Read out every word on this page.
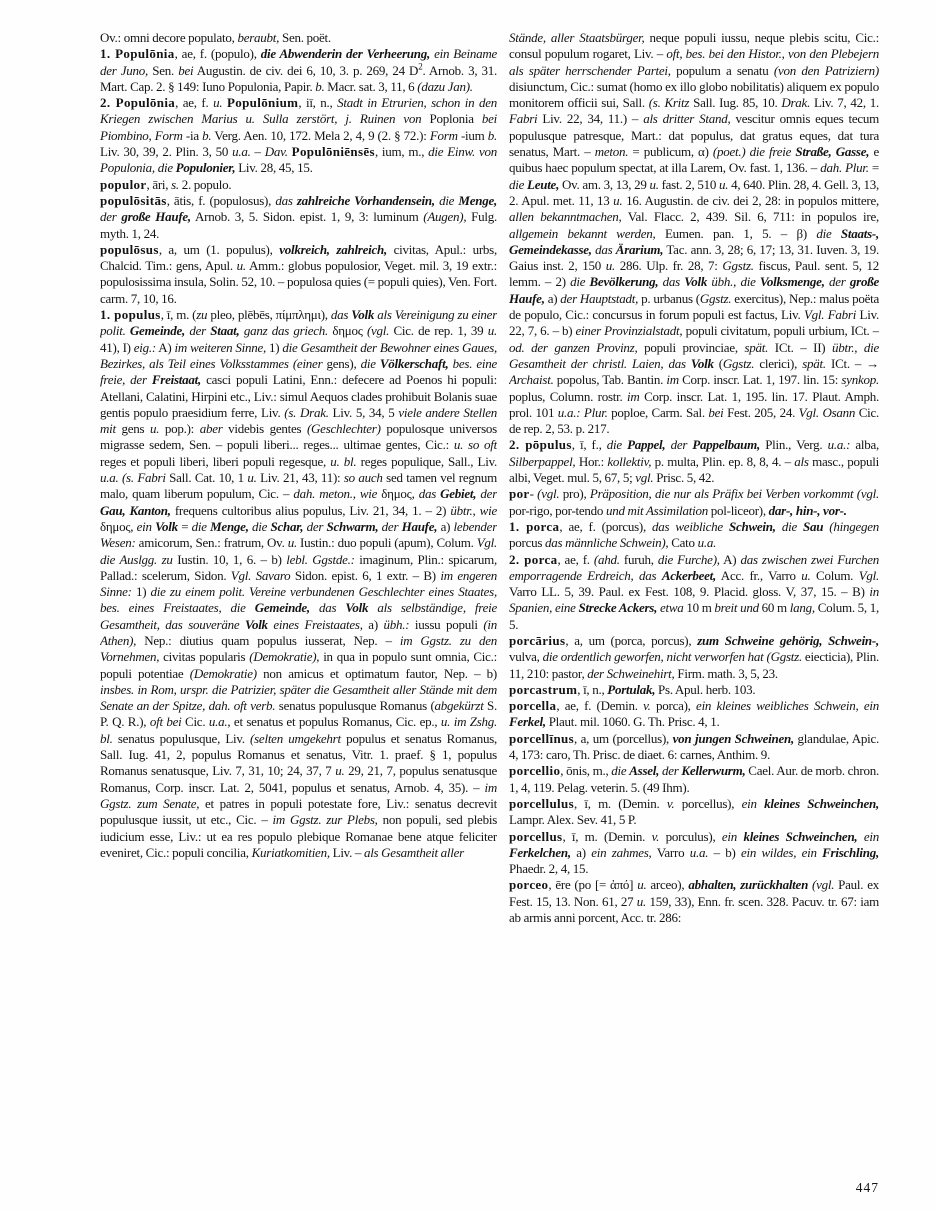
Ov.: omni decore populato, beraubt, Sen. poët.

1. Populōnia, ae, f. (populo), die Abwenderin der Verheerung, ein Beiname der Juno, Sen. bei Augustin. de civ. dei 6, 10, 3. p. 269, 24 $D^2$. Arnob. 3, 31. Mart. Cap. 2. § 149: Iuno Populonia, Papir. b. Macr. sat. 3, 11, 6 (dazu Jan).

2. Populōnia, ae, f. u. Populōnium, iī, n., Stadt in Etrurien, schon in den Kriegen zwischen Marius u. Sulla zerstört, j. Ruinen von Poplonia bei Piombino, Form -ia b. Verg. Aen. 10, 172. Mela 2, 4, 9 (2. § 72.): Form -ium b. Liv. 30, 39, 2. Plin. 3, 50 u.a. – Dav. Populōniēnsēs, ium, m., die Einw. von Populonia, die Populonier, Liv. 28, 45, 15.

populor, āri, s. 2. populo.

populōsitās, ātis, f. (populosus), das zahlreiche Vorhandensein, die Menge, der große Haufe, Arnob. 3, 5. Sidon. epist. 1, 9, 3: luminum (Augen), Fulg. myth. 1, 24.

populōsus, a, um (1. populus), volkreich, zahlreich, civitas, Apul.: urbs, Chalcid. Tim.: gens, Apul. u. Amm.: globus populosior, Veget. mil. 3, 19 extr.: populosissima insula, Solin. 52, 10. – populosa quies (= populi quies), Ven. Fort. carm. 7, 10, 16.

1. populus, ī, m. (zu pleo, plēbēs, πίμπλημι), das Volk als Vereinigung zu einer polit. Gemeinde, der Staat, ganz das griech. δημος (vgl. Cic. de rep. 1, 39 u. 41), I) eig.: A) im weiteren Sinne, 1) die Gesamtheit der Bewohner eines Gaues, Bezirkes, als Teil eines Volksstammes (einer gens), die Völkerschaft, bes. eine freie, der Freistaat, casci populi Latini, Enn.: defecere ad Poenos hi populi: Atellani, Calatini, Hirpini etc., Liv.: simul Aequos clades prohibuit Bolanis suae gentis populo praesidium ferre, Liv. (s. Drak. Liv. 5, 34, 5 viele andere Stellen mit gens u. pop.): aber videbis gentes (Geschlechter) populosque universos migrasse sedem, Sen. – populi liberi... reges... ultimae gentes, Cic.: u. so oft reges et populi liberi, liberi populi regesque, u. bl. reges populique, Sall., Liv. u.a. (s. Fabri Sall. Cat. 10, 1 u. Liv. 21, 43, 11): so auch sed tamen vel regnum malo, quam liberum populum, Cic. – dah. meton., wie δημος, das Gebiet, der Gau, Kanton, frequens cultoribus alius populus, Liv. 21, 34, 1. – 2) übtr., wie δημος, ein Volk = die Menge, die Schar, der Schwarm, der Haufe, a) lebender Wesen: amicorum, Sen.: fratrum, Ov. u. Iustin.: duo populi (apum), Colum. Vgl. die Auslgg. zu Iustin. 10, 1, 6. – b) lebl. Ggstde.: imaginum, Plin.: spicarum, Pallad.: scelerum, Sidon. Vgl. Savaro Sidon. epist. 6, 1 extr. – B) im engeren Sinne: 1) die zu einem polit. Vereine verbundenen Geschlechter eines Staates, bes. eines Freistaates, die Gemeinde, das Volk als selbständige, freie Gesamtheit, das souveräne Volk eines Freistaates, a) übh.: iussu populi (in Athen), Nep.: diutius quam populus iusserat, Nep. – im Ggstz. zu den Vornehmen, civitas popularis (Demokratie), in qua in populo sunt omnia, Cic.: populi potentiae (Demokratie) non amicus et optimatum fautor, Nep. – b) insbes. in Rom, urspr. die Patrizier, später die Gesamtheit aller Stände mit dem Senate an der Spitze, dah. oft verb. senatus populusque Romanus (abgekürzt S. P. Q. R.), oft bei Cic. u.a., et senatus et populus Romanus, Cic. ep., u. im Zshg. bl. senatus populusque, Liv. (selten umgekehrt populus et senatus Romanus, Sall. Iug. 41, 2, populus Romanus et senatus, Vitr. 1. praef. § 1, populus Romanus senatusque, Liv. 7, 31, 10; 24, 37, 7 u. 29, 21, 7, populus senatusque Romanus, Corp. inscr. Lat. 2, 5041, populus et senatus, Arnob. 4, 35). – im Ggstz. zum Senate, et patres in populi potestate fore, Liv.: senatus decrevit populusque iussit, ut etc., Cic. – im Ggstz. zur Plebs, non populi, sed plebis iudicium esse, Liv.: ut ea res populo plebique Romanae bene atque feliciter eveniret, Cic.: populi concilia, Kuriatkomitien, Liv. – als Gesamtheit aller

Stände, aller Staatsbürger, neque populi iussu, neque plebis scitu, Cic.: consul populum rogaret, Liv. – oft, bes. bei den Histor., von den Plebejern als später herrschender Partei, populum a senatu (von den Patriziern) disiunctum, Cic.: sumat (homo ex illo globo nobilitatis) aliquem ex populo monitorem officii sui, Sall. (s. Kritz Sall. Iug. 85, 10. Drak. Liv. 7, 42, 1. Fabri Liv. 22, 34, 11.) – als dritter Stand, vescitur omnis eques tecum populusque patresque, Mart.: dat populus, dat gratus eques, dat tura senatus, Mart. – meton. = publicum, α) (poet.) die freie Straße, Gasse, e quibus haec populum spectat, at illa Larem, Ov. fast. 1, 136. – dah. Plur. = die Leute, Ov. am. 3, 13, 29 u. fast. 2, 510 u. 4, 640. Plin. 28, 4. Gell. 3, 13, 2. Apul. met. 11, 13 u. 16. Augustin. de civ. dei 2, 28: in populos mittere, allen bekanntmachen, Val. Flacc. 2, 439. Sil. 6, 711: in populos ire, allgemein bekannt werden, Eumen. pan. 1, 5. – β) die Staats-, Gemeindekasse, das Ärarium, Tac. ann. 3, 28; 6, 17; 13, 31. Iuven. 3, 19. Gaius inst. 2, 150 u. 286. Ulp. fr. 28, 7: Ggstz. fiscus, Paul. sent. 5, 12 lemm. – 2) die Bevölkerung, das Volk übh., die Volksmenge, der große Haufe, a) der Hauptstadt, p. urbanus (Ggstz. exercitus), Nep.: malus poëta de populo, Cic.: concursus in forum populi est factus, Liv. Vgl. Fabri Liv. 22, 7, 6. – b) einer Provinzialstadt, populi civitatum, populi urbium, ICt. – od. der ganzen Provinz, populi provinciae, spät. ICt. – II) übtr., die Gesamtheit der christl. Laien, das Volk (Ggstz. clerici), spät. ICt. – → Archaist. popolus, Tab. Bantin. im Corp. inscr. Lat. 1, 197. lin. 15: synkop. poplus, Column. rostr. im Corp. inscr. Lat. 1, 195. lin. 17. Plaut. Amph. prol. 101 u.a.: Plur. poploe, Carm. Sal. bei Fest. 205, 24. Vgl. Osann Cic. de rep. 2, 53. p. 217.

2. pōpulus, ī, f., die Pappel, der Pappelbaum, Plin., Verg. u.a.: alba, Silberpappel, Hor.: kollektiv, p. multa, Plin. ep. 8, 8, 4. – als masc., populi albi, Veget. mul. 5, 67, 5; vgl. Prisc. 5, 42.

por- (vgl. pro), Präposition, die nur als Präfix bei Verben vorkommt (vgl. por-rigo, por-tendo und mit Assimilation pol-liceor), dar-, hin-, vor-.

1. porca, ae, f. (porcus), das weibliche Schwein, die Sau (hingegen porcus das männliche Schwein), Cato u.a.

2. porca, ae, f. (ahd. furuh, die Furche), A) das zwischen zwei Furchen emporragende Erdreich, das Ackerbeet, Acc. fr., Varro u. Colum. Vgl. Varro LL. 5, 39. Paul. ex Fest. 108, 9. Placid. gloss. V, 37, 15. – B) in Spanien, eine Strecke Ackers, etwa 10 m breit und 60 m lang, Colum. 5, 1, 5.

porcārius, a, um (porca, porcus), zum Schweine gehörig, Schwein-, vulva, die ordentlich geworfen, nicht verworfen hat (Ggstz. eiecticia), Plin. 11, 210: pastor, der Schweinehirt, Firm. math. 3, 5, 23.

porcastrum, ī, n., Portulak, Ps. Apul. herb. 103.

porcella, ae, f. (Demin. v. porca), ein kleines weibliches Schwein, ein Ferkel, Plaut. mil. 1060. G. Th. Prisc. 4, 1.

porcellīnus, a, um (porcellus), von jungen Schweinen, glandulae, Apic. 4, 173: caro, Th. Prisc. de diaet. 6: carnes, Anthim. 9.

porcellio, ōnis, m., die Assel, der Kellerwurm, Cael. Aur. de morb. chron. 1, 4, 119. Pelag. veterin. 5. (49 Ihm).

porcellulus, ī, m. (Demin. v. porcellus), ein kleines Schweinchen, Lampr. Alex. Sev. 41, 5 P.

porcellus, ī, m. (Demin. v. porculus), ein kleines Schweinchen, ein Ferkelchen, a) ein zahmes, Varro u.a. – b) ein wildes, ein Frischling, Phaedr. 2, 4, 15.

porceo, ēre (po [= ἀπό] u. arceo), abhalten, zurückhalten (vgl. Paul. ex Fest. 15, 13. Non. 61, 27 u. 159, 33), Enn. fr. scen. 328. Pacuv. tr. 67: iam ab armis anni porcent, Acc. tr. 286:

447
